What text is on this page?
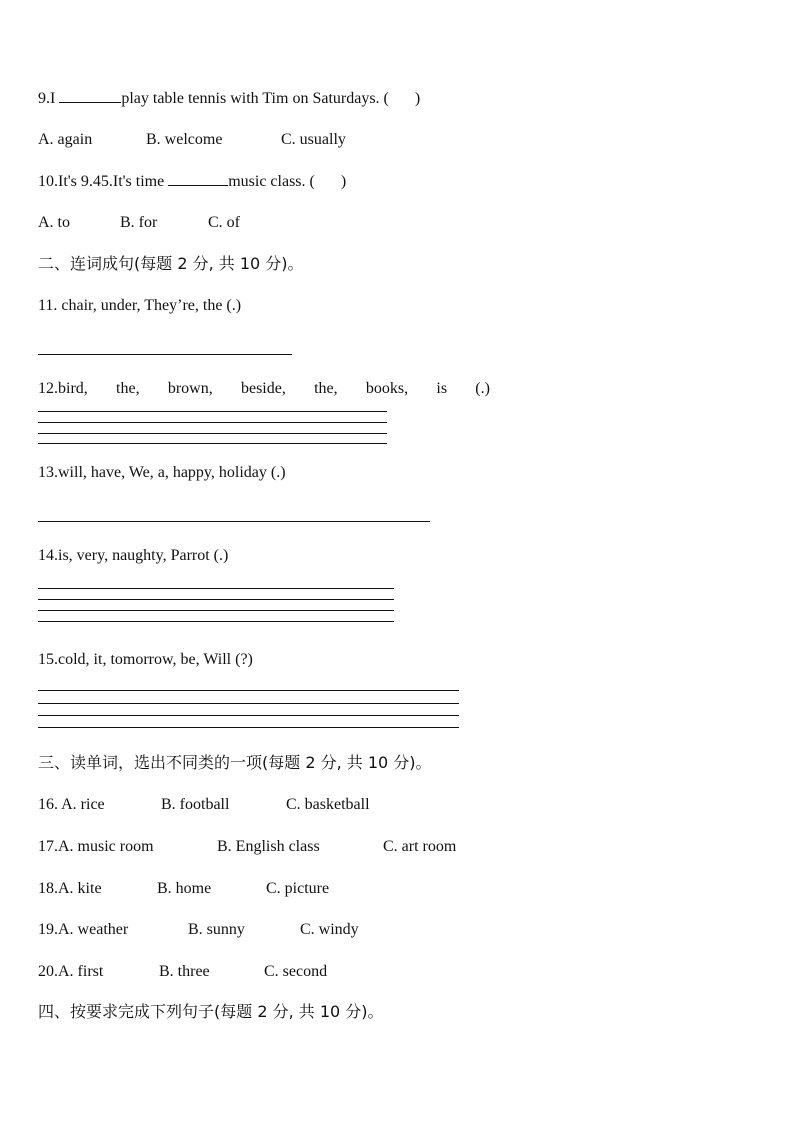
9.I	play table tennis with Tim on Saturdays. ( )
A. again	B. welcome	C. usually
10.It's 9.45.It's time	music class. ( )
A. to	B. for	C. of
二、连词成句(每题 2 分, 共 10 分)。
11. chair, under, They’re, the (.)
12.bird, the, brown, beside, the, books, is (.)
13.will, have, We, a, happy, holiday (.)
14.is, very, naughty, Parrot (.)
15.cold, it, tomorrow, be, Will (?)
三、读单词，选出不同类的一项(每题 2 分, 共 10 分)。
16. A. rice	B. football	C. basketball
17.A. music room	B. English class	C. art room
18.A. kite	B. home	C. picture
19.A. weather	B. sunny	C. windy
20.A. first	B. three	C. second
四、按要求完成下列句子(每题 2 分, 共 10 分)。
